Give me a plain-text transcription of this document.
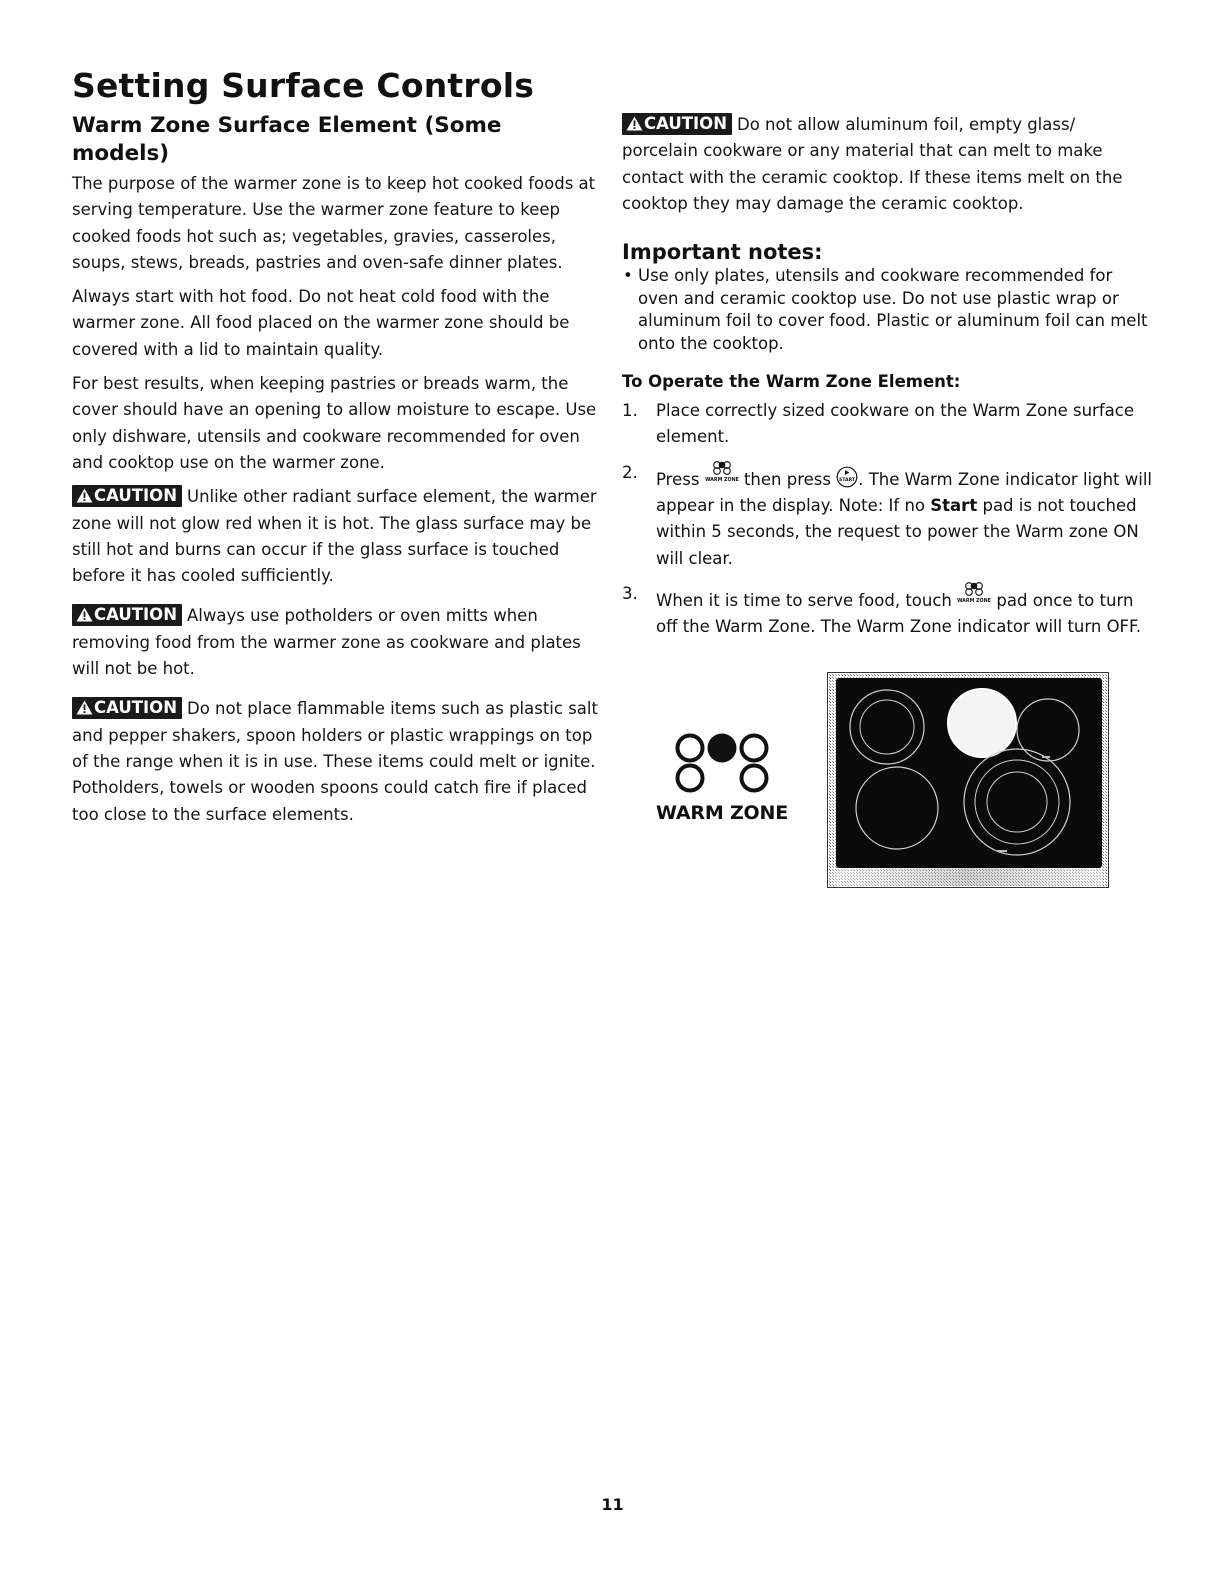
Setting Surface Controls
Warm Zone Surface Element (Some models)

The purpose of the warmer zone is to keep hot cooked foods at serving temperature. Use the warmer zone feature to keep cooked foods hot such as; vegetables, gravies, casseroles, soups, stews, breads, pastries and oven-safe dinner plates.

Always start with hot food. Do not heat cold food with the warmer zone. All food placed on the warmer zone should be covered with a lid to maintain quality.

For best results, when keeping pastries or breads warm, the cover should have an opening to allow moisture to escape. Use only dishware, utensils and cookware recommended for oven and cooktop use on the warmer zone.

CAUTION Unlike other radiant surface element, the warmer zone will not glow red when it is hot. The glass surface may be still hot and burns can occur if the glass surface is touched before it has cooled sufficiently.

CAUTION Always use potholders or oven mitts when removing food from the warmer zone as cookware and plates will not be hot.

CAUTION Do not place flammable items such as plastic salt and pepper shakers, spoon holders or plastic wrappings on top of the range when it is in use. These items could melt or ignite. Potholders, towels or wooden spoons could catch fire if placed too close to the surface elements.

CAUTION Do not allow aluminum foil, empty glass/ porcelain cookware or any material that can melt to make contact with the ceramic cooktop. If these items melt on the cooktop they may damage the ceramic cooktop.

Important notes:
• Use only plates, utensils and cookware recommended for oven and ceramic cooktop use. Do not use plastic wrap or aluminum foil to cover food. Plastic or aluminum foil can melt onto the cooktop.
To Operate the Warm Zone Element:
1. Place correctly sized cookware on the Warm Zone surface element.
2. Press WARM ZONE then press START . The Warm Zone indicator light will appear in the display. Note: If no Start pad is not touched within 5 seconds, the request to power the Warm zone ON will clear.
3. When it is time to serve food, touch WARM ZONE pad once to turn off the Warm Zone. The Warm Zone indicator will turn OFF.
WARM ZONE
11
